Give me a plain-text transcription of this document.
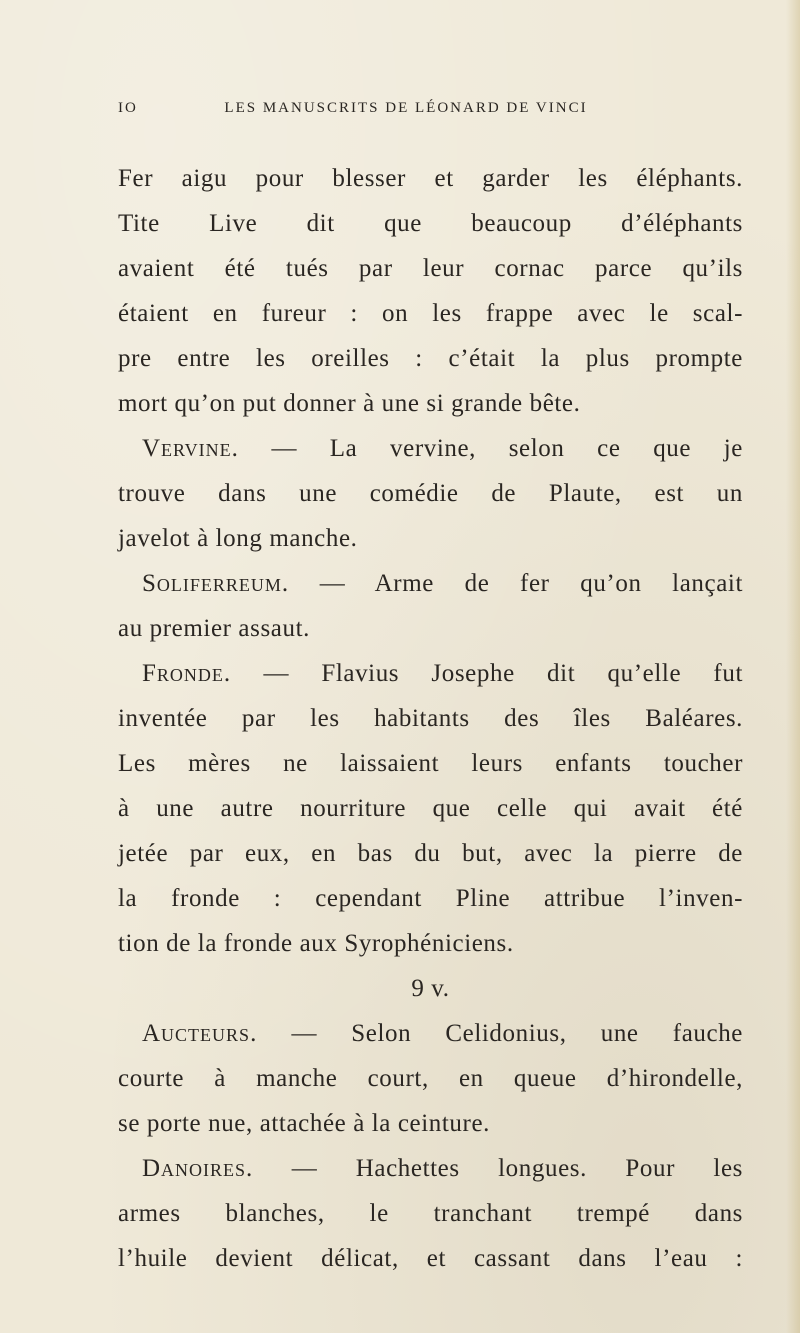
IO	LES MANUSCRITS DE LÉONARD DE VINCI
Fer aigu pour blesser et garder les éléphants.
Tite Live dit que beaucoup d’éléphants
avaient été tués par leur cornac parce qu’ils
étaient en fureur : on les frappe avec le scal-
pre entre les oreilles : c’était la plus prompte
mort qu’on put donner à une si grande bête.
Vervine. — La vervine, selon ce que je
trouve dans une comédie de Plaute, est un
javelot à long manche.
Soliferreum. — Arme de fer qu’on lançait
au premier assaut.
Fronde. — Flavius Josephe dit qu’elle fut
inventée par les habitants des îles Baléares.
Les mères ne laissaient leurs enfants toucher
à une autre nourriture que celle qui avait été
jetée par eux, en bas du but, avec la pierre de
la fronde : cependant Pline attribue l’inven-
tion de la fronde aux Syrophéniciens.
9 v.
Aucteurs. — Selon Celidonius, une fauche
courte à manche court, en queue d’hirondelle,
se porte nue, attachée à la ceinture.
Danoires. — Hachettes longues. Pour les
armes blanches, le tranchant trempé dans
l’huile devient délicat, et cassant dans l’eau :
